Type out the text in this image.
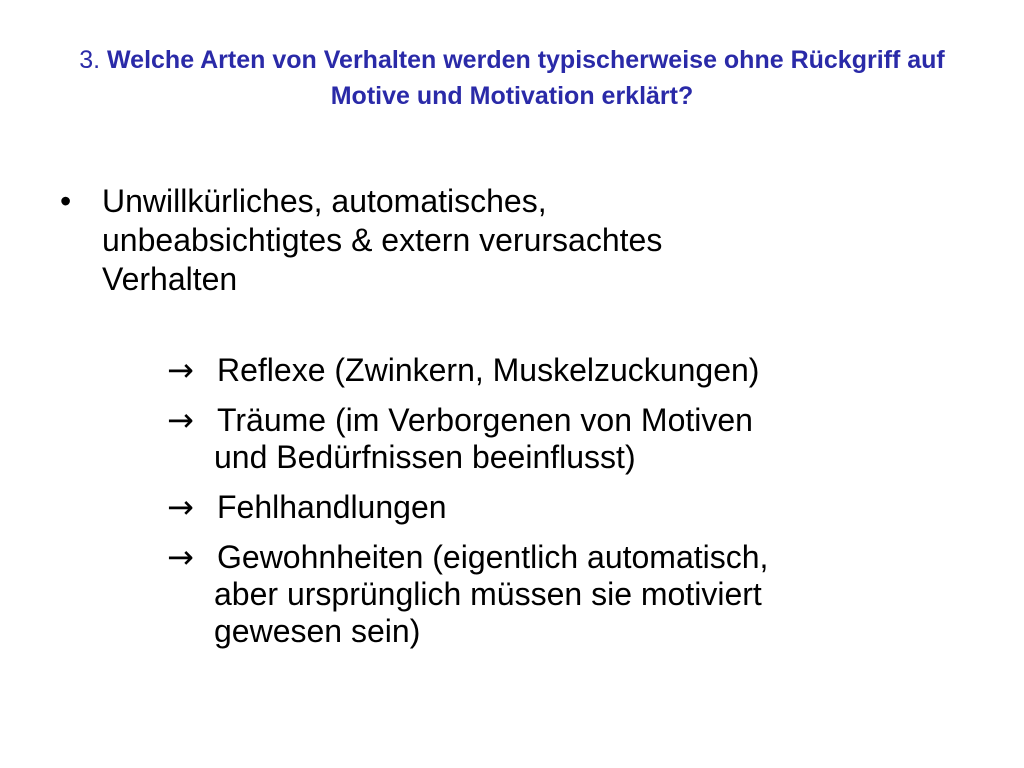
3. Welche Arten von Verhalten werden typischerweise ohne Rückgriff auf Motive und Motivation erklärt?
• Unwillkürliches, automatisches,
unbeabsichtigtes & extern verursachtes
Verhalten
→ Reflexe (Zwinkern, Muskelzuckungen)
→ Träume (im Verborgenen von Motiven
und Bedürfnissen beeinflusst)
→ Fehlhandlungen
→ Gewohnheiten (eigentlich automatisch,
aber ursprünglich müssen sie motiviert
gewesen sein)
